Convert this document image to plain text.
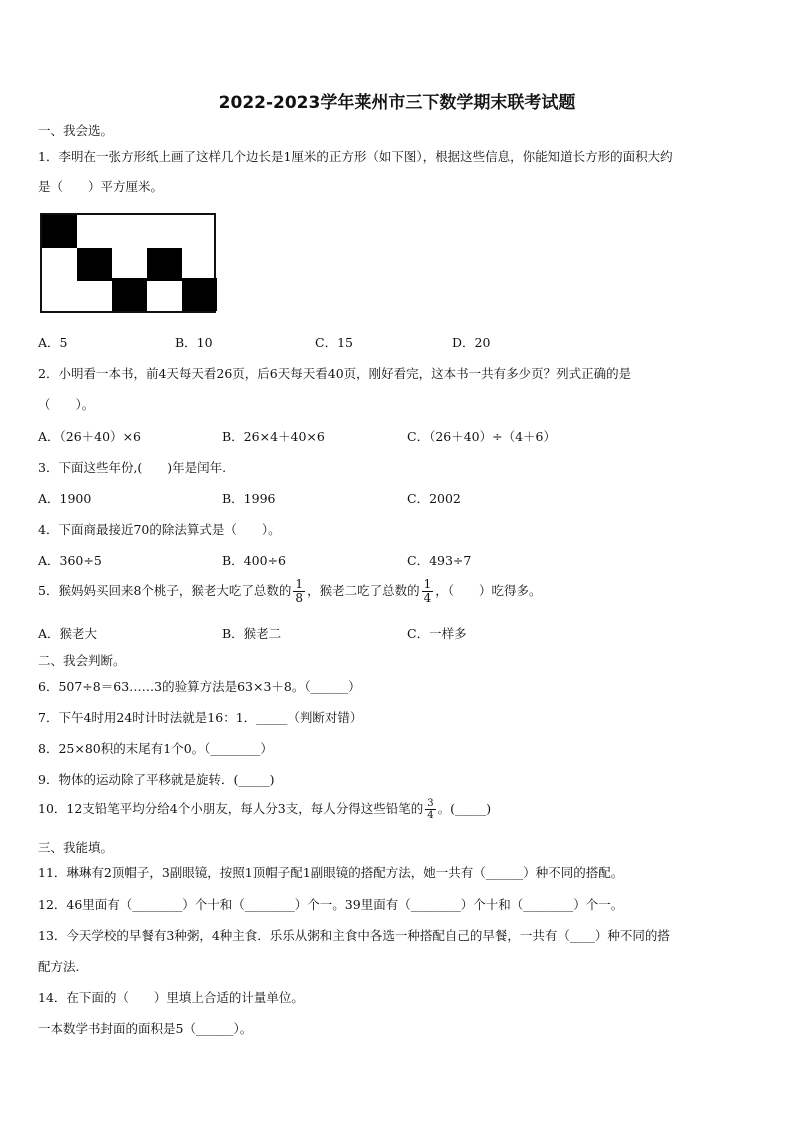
2022-2023学年莱州市三下数学期末联考试题
一、我会选。
1．李明在一张方形纸上画了这样几个边长是1厘米的正方形（如下图），根据这些信息，你能知道长方形的面积大约
是（　　）平方厘米。
A．5	B．10	C．15	D．20
2．小明看一本书，前4天每天看26页，后6天每天看40页，刚好看完，这本书一共有多少页？列式正确的是
（　　）。
A．（26＋40）×6	B．26×4＋40×6	C．（26＋40）÷（4＋6）
3．下面这些年份,(　　)年是闰年.
A．1900	B．1996	C．2002
4．下面商最接近70的除法算式是（　　）。
A．360÷5	B．400÷6	C．493÷7
5．猴妈妈买回来8个桃子，猴老大吃了总数的 $\frac{1}{8}$ ，猴老二吃了总数的 $\frac{1}{4}$ ，（　　）吃得多。
A．猴老大	B．猴老二	C．一样多
二、我会判断。
6．507÷8＝63……3的验算方法是63×3＋8。（______）
7．下午4时用24时计时法就是16：1．_____（判断对错）
8．25×80积的末尾有1个0。（________）
9．物体的运动除了平移就是旋转．(_____)
10．12支铅笔平均分给4个小朋友，每人分3支，每人分得这些铅笔的 $\frac{3}{4}$ 。(_____)
三、我能填。
11．琳琳有2顶帽子，3副眼镜，按照1顶帽子配1副眼镜的搭配方法，她一共有（______）种不同的搭配。
12．46里面有（________）个十和（________）个一。39里面有（________）个十和（________）个一。
13．今天学校的早餐有3种粥，4种主食．乐乐从粥和主食中各选一种搭配自己的早餐，一共有（____）种不同的搭
配方法.
14．在下面的（　　）里填上合适的计量单位。
一本数学书封面的面积是5（______）。
